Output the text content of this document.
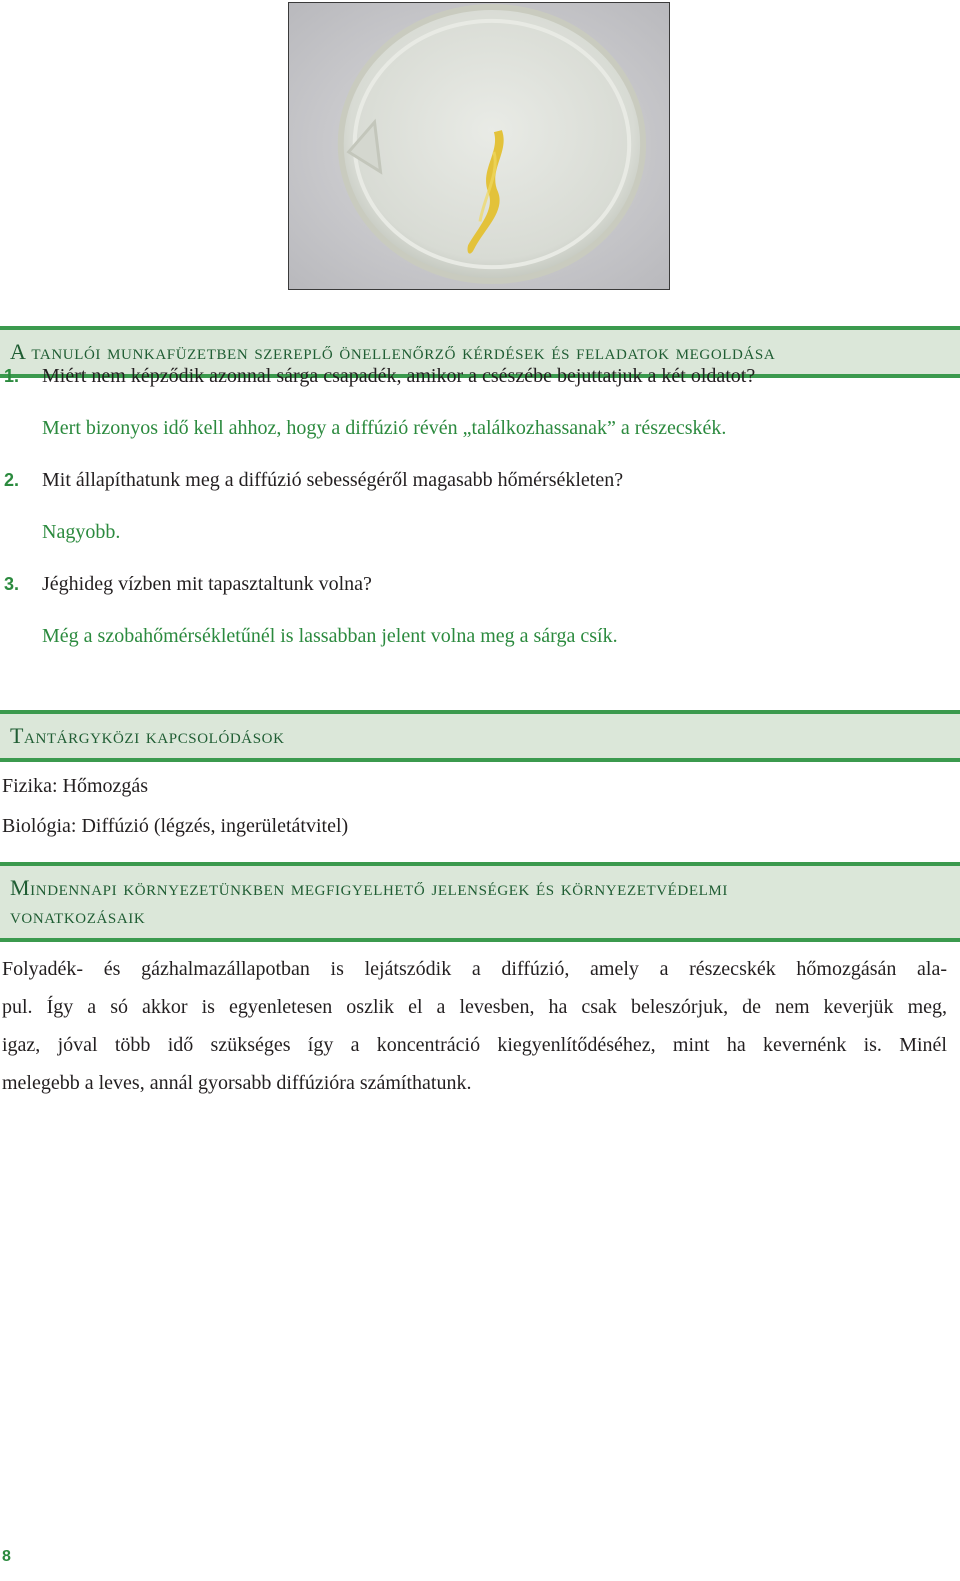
A tanulói munkafüzetben szereplő önellenőrző kérdések és feladatok megoldása
1. Miért nem képződik azonnal sárga csapadék, amikor a csészébe bejuttatjuk a két oldatot?
Mert bizonyos idő kell ahhoz, hogy a diffúzió révén „találkozhassanak” a részecskék.
2. Mit állapíthatunk meg a diffúzió sebességéről magasabb hőmérsékleten?
Nagyobb.
3. Jéghideg vízben mit tapasztaltunk volna?
Még a szobahőmérsékletűnél is lassabban jelent volna meg a sárga csík.
Tantárgyközi kapcsolódások
Fizika: Hőmozgás
Biológia: Diffúzió (légzés, ingerületátvitel)
Mindennapi környezetünkben megfigyelhető jelenségek és környezetvédelmi
vonatkozásaik
Folyadék- és gázhalmazállapotban is lejátszódik a diffúzió, amely a részecskék hőmozgásán ala-
pul. Így a só akkor is egyenletesen oszlik el a levesben, ha csak beleszórjuk, de nem keverjük meg,
igaz, jóval több idő szükséges így a koncentráció kiegyenlítődéséhez, mint ha kevernénk is. Minél
melegebb a leves, annál gyorsabb diffúzióra számíthatunk.
8
